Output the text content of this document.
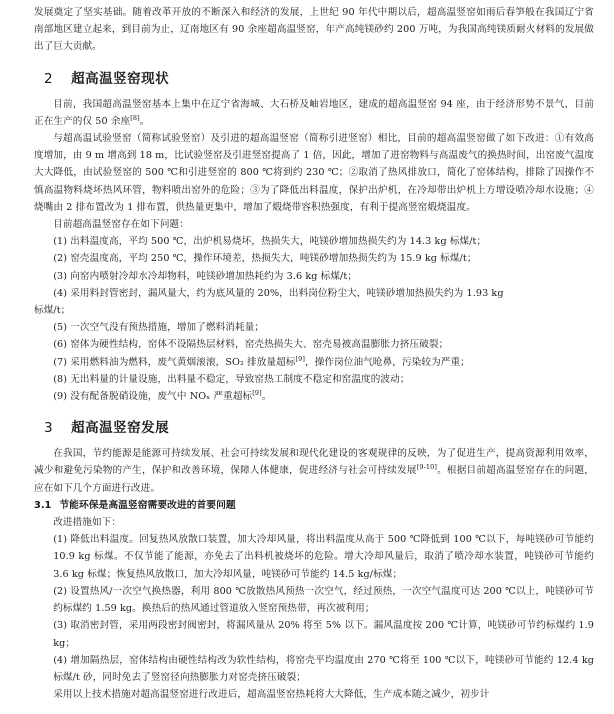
发展奠定了坚实基础。随着改革开放的不断深入和经济的发展，上世纪 90 年代中期以后，超高温竖窑如雨后春笋般在我国辽宁省南部地区建立起来，到目前为止，辽南地区有 90 余座超高温竖窑，年产高纯镁砂约 200 万吨，为我国高纯镁质耐火材料的发展做出了巨大贡献。

2 超高温竖窑现状

目前，我国超高温竖窑基本上集中在辽宁省海城、大石桥及岫岩地区，建成的超高温竖窑 94 座，由于经济形势不景气，目前正在生产的仅 50 余座[8]。

与超高温试验竖窑（简称试验竖窑）及引进的超高温竖窑（简称引进竖窑）相比，目前的超高温竖窑做了如下改进：①有效高度增加，由 9 m 增高到 18 m，比试验竖窑及引进竖窑提高了 1 倍，因此，增加了进窑物料与高温废气的换热时间，出窑废气温度大大降低，由试验竖窑的 500 ℃和引进竖窑的 800 ℃将到约 230 ℃；②取消了热风排放口，简化了窑体结构，排除了因操作不慎高温物料烧坏热风环管，物料喷出窑外的危险；③为了降低出料温度，保护出炉机，在冷却带出炉机上方增设喷冷却水设施；④烧嘴由 2 排布置改为 1 排布置，供热量更集中，增加了煅烧带容积热强度，有利于提高竖窑煅烧温度。

目前超高温竖窑存在如下问题：

(1) 出料温度高，平均 500 ℃，出炉机易烧坏，热损失大，吨镁砂增加热损失约为 14.3 kg 标煤/t；

(2) 窑壳温度高，平均 250 ℃，操作环境差，热损失大，吨镁砂增加热损失约为 15.9 kg 标煤/t；

(3) 向窑内喷射冷却水冷却物料，吨镁砂增加热耗约为 3.6 kg 标煤/t；

(4) 采用料封管密封，漏风量大，约为底风量的 20%，出料岗位粉尘大，吨镁砂增加热损失约为 1.93 kg

标煤/t；

(5) 一次空气没有预热措施，增加了燃料消耗量；

(6) 窑体为硬性结构，窑体不设隔热层材料，窑壳热损失大、窑壳易被高温膨胀力挤压破裂；

(7) 采用燃料油为燃料，废气黄烟滚滚，SO₂ 排放量超标[9]，操作岗位油气呛鼻，污染较为严重；

(8) 无出料量的计量设施，出料量不稳定，导致窑热工制度不稳定和窑温度的波动；

(9) 没有配备脱硝设施，废气中 NOₓ 严重超标[9]。

3 超高温竖窑发展

在我国，节约能源是能源可持续发展、社会可持续发展和现代化建设的客观规律的反映，为了促进生产，提高资源利用效率，减少和避免污染物的产生，保护和改善环境，保障人体健康，促进经济与社会可持续发展[9-10]。根据目前超高温竖窑存在的问题，应在如下几个方面进行改进。

3.1 节能环保是高温竖窑需要改进的首要问题

改进措施如下：

(1) 降低出料温度。回复热风放散口装置，加大冷却风量，将出料温度从高于 500 ℃降低到 100 ℃以下，每吨镁砂可节能约 10.9 kg 标煤。不仅节能了能源，亦免去了出料机被烧坏的危险。增大冷却风量后，取消了喷冷却水装置，吨镁砂可节能约 3.6 kg 标煤；恢复热风放散口，加大冷却风量，吨镁砂可节能约 14.5 kg/标煤；

(2) 设置热风/一次空气换热器，利用 800 ℃放散热风预热一次空气，经过预热，一次空气温度可达 200 ℃以上，吨镁砂可节约标煤约 1.59 kg。换热后的热风通过管道放入竖窑预热带，再次被利用；

(3) 取消密封管，采用两段密封阀密封，将漏风量从 20% 将至 5% 以下。漏风温度按 200 ℃计算，吨镁砂可节约标煤约 1.9 kg；

(4) 增加隔热层，窑体结构由硬性结构改为软性结构，将窑壳平均温度由 270 ℃将至 100 ℃以下，吨镁砂可节能约 12.4 kg 标煤/t 砂，同时免去了竖窑径向热膨胀力对窑壳挤压破裂；

采用以上技术措施对超高温竖窑进行改进后，超高温竖窑热耗将大大降低，生产成本随之减少，初步计
